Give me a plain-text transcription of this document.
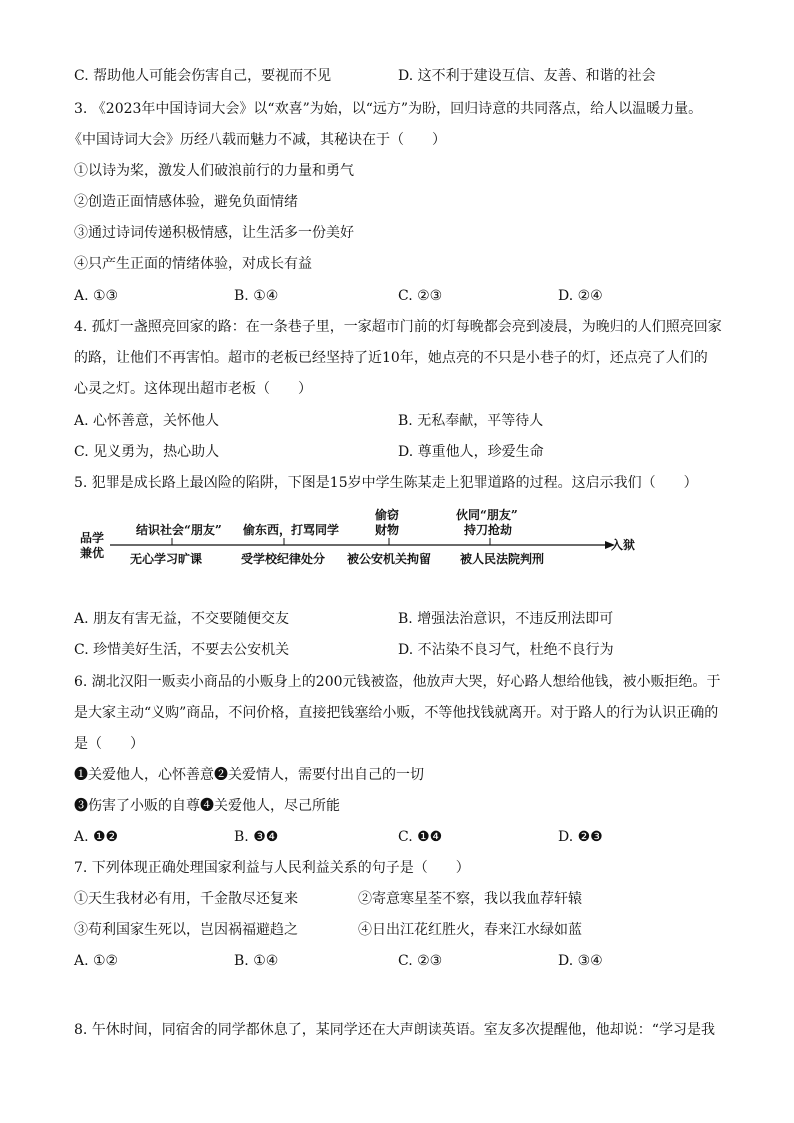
C. 帮助他人可能会伤害自己，要视而不见	D. 这不利于建设互信、友善、和谐的社会
3. 《2023年中国诗词大会》以“欢喜”为始，以“远方”为盼，回归诗意的共同落点，给人以温暖力量。
《中国诗词大会》历经八载而魅力不减，其秘诀在于（　　）
①以诗为桨，激发人们破浪前行的力量和勇气
②创造正面情感体验，避免负面情绪
③通过诗词传递积极情感，让生活多一份美好
④只产生正面的情绪体验，对成长有益
A. ①③	B. ①④	C. ②③	D. ②④
4. 孤灯一盏照亮回家的路：在一条巷子里，一家超市门前的灯每晚都会亮到凌晨，为晚归的人们照亮回家
的路，让他们不再害怕。超市的老板已经坚持了近10年，她点亮的不只是小巷子的灯，还点亮了人们的
心灵之灯。这体现出超市老板（　　）
A. 心怀善意，关怀他人	B. 无私奉献，平等待人
C. 见义勇为，热心助人	D. 尊重他人，珍爱生命
5. 犯罪是成长路上最凶险的陷阱，下图是15岁中学生陈某走上犯罪道路的过程。这启示我们（　　）
品学
兼优
结识社会“朋友” 偷东西，打骂同学
偷窃
财物
伙同“朋友”
持刀抢劫
无心学习旷课	受学校纪律处分 被公安机关拘留 被人民法院判刑
入狱
A. 朋友有害无益，不交要随便交友	B. 增强法治意识，不违反刑法即可
C. 珍惜美好生活，不要去公安机关	D. 不沾染不良习气，杜绝不良行为
6. 湖北汉阳一贩卖小商品的小贩身上的200元钱被盗，他放声大哭，好心路人想给他钱，被小贩拒绝。于
是大家主动“义购”商品，不问价格，直接把钱塞给小贩，不等他找钱就离开。对于路人的行为认识正确的
是（　　）
❶关爱他人，心怀善意❷关爱情人，需要付出自己的一切
❸伤害了小贩的自尊❹关爱他人，尽己所能
A. ❶❷	B. ❸❹	C. ❶❹	D. ❷❸
7. 下列体现正确处理国家利益与人民利益关系的句子是（　　）
①天生我材必有用，千金散尽还复来	②寄意寒星荃不察，我以我血荐轩辕
③苟利国家生死以，岂因祸福避趋之	④日出江花红胜火，春来江水绿如蓝
A. ①②	B. ①④	C. ②③	D. ③④
8. 午休时间，同宿舍的同学都休息了，某同学还在大声朗读英语。室友多次提醒他，他却说：“学习是我
